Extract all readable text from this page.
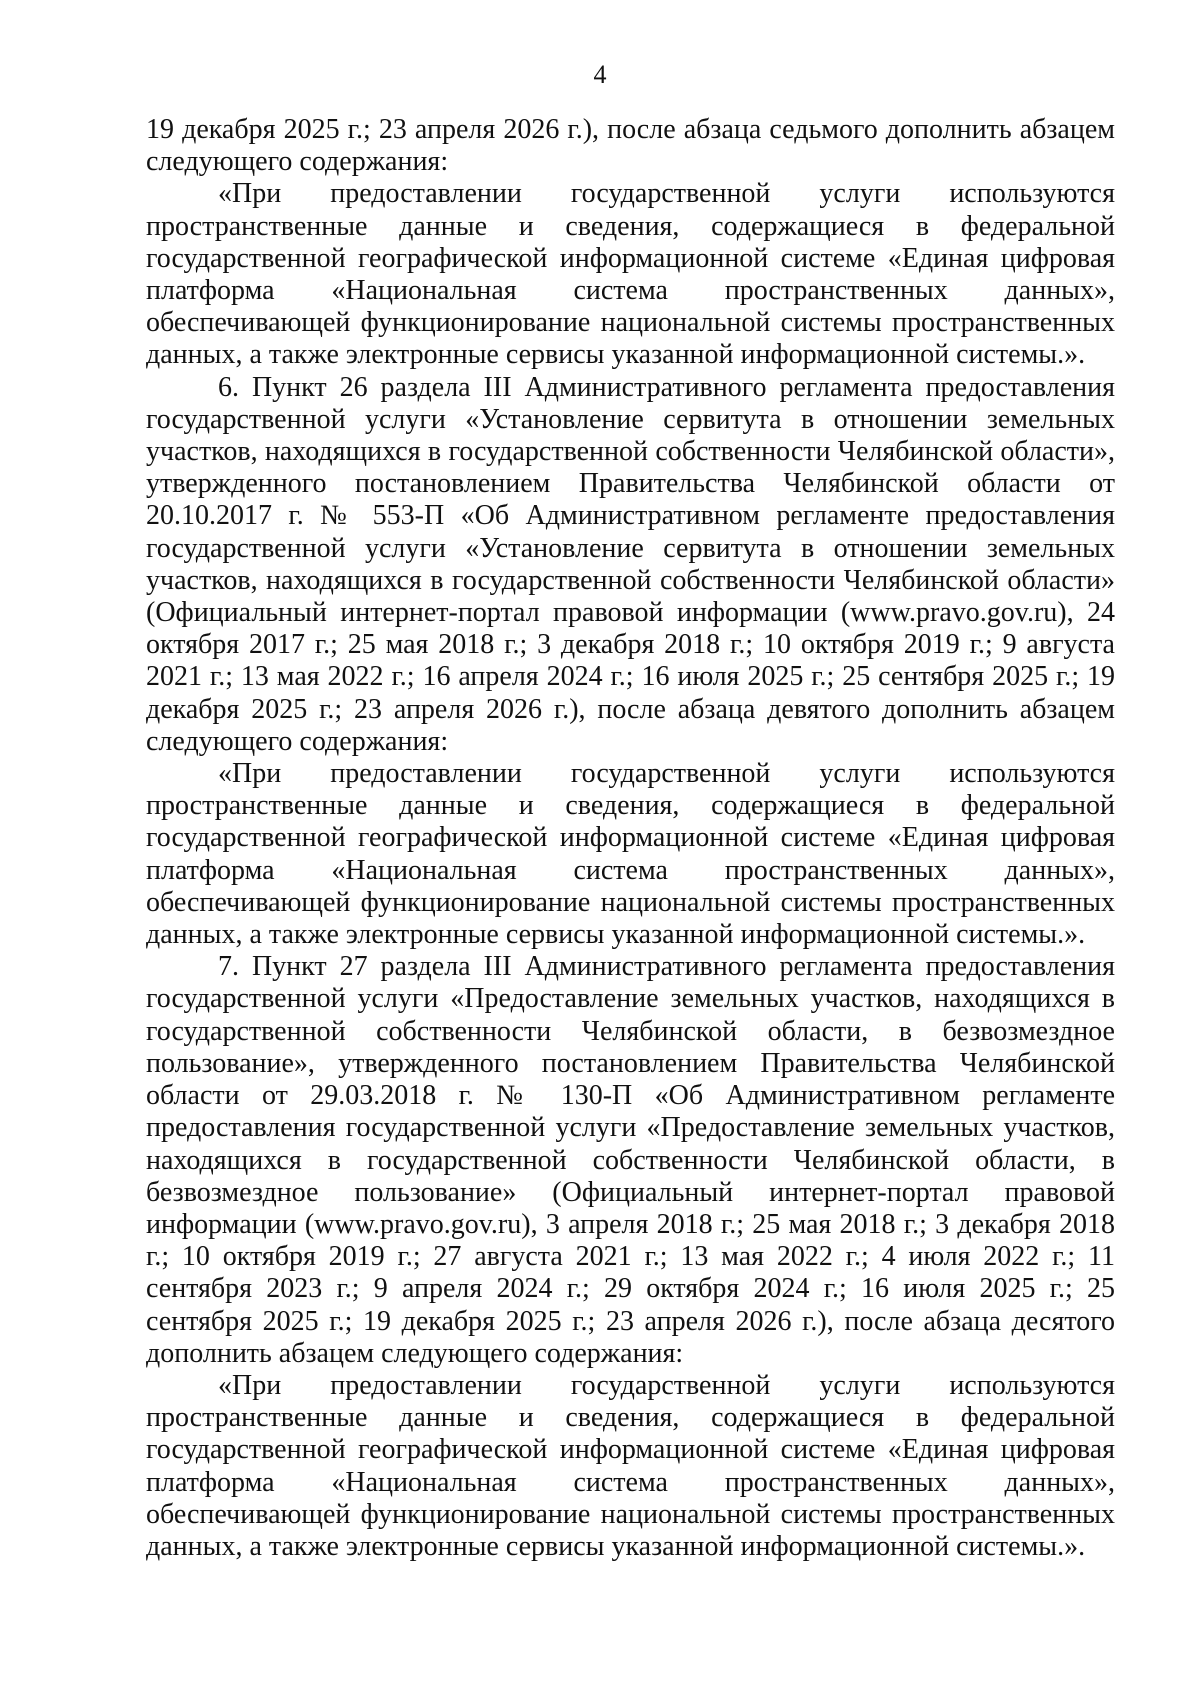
4

19 декабря 2025 г.; 23 апреля 2026 г.), после абзаца седьмого дополнить абзацем следующего содержания:

«При предоставлении государственной услуги используются пространственные данные и сведения, содержащиеся в федеральной государственной географической информационной системе «Единая цифровая платформа «Национальная система пространственных данных», обеспечивающей функционирование национальной системы пространственных данных, а также электронные сервисы указанной информационной системы.».

6. Пункт 26 раздела III Административного регламента предоставления государственной услуги «Установление сервитута в отношении земельных участков, находящихся в государственной собственности Челябинской области», утвержденного постановлением Правительства Челябинской области от 20.10.2017 г. № 553-П «Об Административном регламенте предоставления государственной услуги «Установление сервитута в отношении земельных участков, находящихся в государственной собственности Челябинской области» (Официальный интернет-портал правовой информации (www.pravo.gov.ru), 24 октября 2017 г.; 25 мая 2018 г.; 3 декабря 2018 г.; 10 октября 2019 г.; 9 августа 2021 г.; 13 мая 2022 г.; 16 апреля 2024 г.; 16 июля 2025 г.; 25 сентября 2025 г.; 19 декабря 2025 г.; 23 апреля 2026 г.), после абзаца девятого дополнить абзацем следующего содержания:

«При предоставлении государственной услуги используются пространственные данные и сведения, содержащиеся в федеральной государственной географической информационной системе «Единая цифровая платформа «Национальная система пространственных данных», обеспечивающей функционирование национальной системы пространственных данных, а также электронные сервисы указанной информационной системы.».

7. Пункт 27 раздела III Административного регламента предоставления государственной услуги «Предоставление земельных участков, находящихся в государственной собственности Челябинской области, в безвозмездное пользование», утвержденного постановлением Правительства Челябинской области от 29.03.2018 г. № 130-П «Об Административном регламенте предоставления государственной услуги «Предоставление земельных участков, находящихся в государственной собственности Челябинской области, в безвозмездное пользование» (Официальный интернет-портал правовой информации (www.pravo.gov.ru), 3 апреля 2018 г.; 25 мая 2018 г.; 3 декабря 2018 г.; 10 октября 2019 г.; 27 августа 2021 г.; 13 мая 2022 г.; 4 июля 2022 г.; 11 сентября 2023 г.; 9 апреля 2024 г.; 29 октября 2024 г.; 16 июля 2025 г.; 25 сентября 2025 г.; 19 декабря 2025 г.; 23 апреля 2026 г.), после абзаца десятого дополнить абзацем следующего содержания:

«При предоставлении государственной услуги используются пространственные данные и сведения, содержащиеся в федеральной государственной географической информационной системе «Единая цифровая платформа «Национальная система пространственных данных», обеспечивающей функционирование национальной системы пространственных данных, а также электронные сервисы указанной информационной системы.».
